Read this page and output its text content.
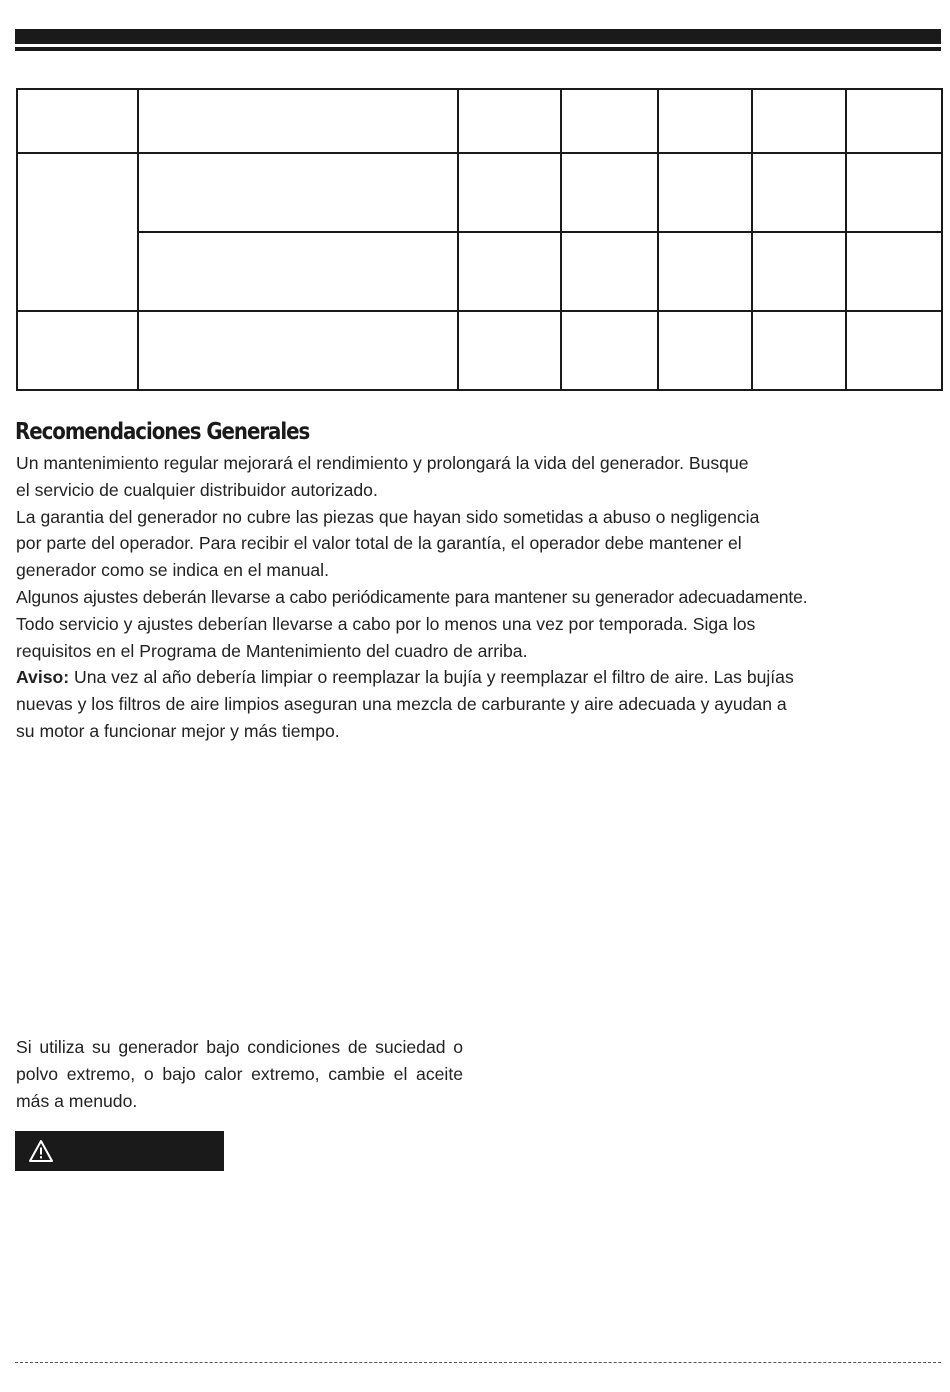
Recomendaciones Generales

Un mantenimiento regular mejorará el rendimiento y prolongará la vida del generador. Busque
el servicio de cualquier distribuidor autorizado.

La garantia del generador no cubre las piezas que hayan sido sometidas a abuso o negligencia
por parte del operador. Para recibir el valor total de la garantía, el operador debe mantener el
generador como se indica en el manual.

Algunos ajustes deberán llevarse a cabo periódicamente para mantener su generador adecuadamente.
Todo servicio y ajustes deberían llevarse a cabo por lo menos una vez por temporada. Siga los
requisitos en el Programa de Mantenimiento del cuadro de arriba.

Aviso: Una vez al año debería limpiar o reemplazar la bujía y reemplazar el filtro de aire. Las bujías
nuevas y los filtros de aire limpios aseguran una mezcla de carburante y aire adecuada y ayudan a
su motor a funcionar mejor y más tiempo.

Si utiliza su generador bajo condiciones de suciedad o polvo extremo, o bajo calor extremo, cambie el aceite más a menudo.
